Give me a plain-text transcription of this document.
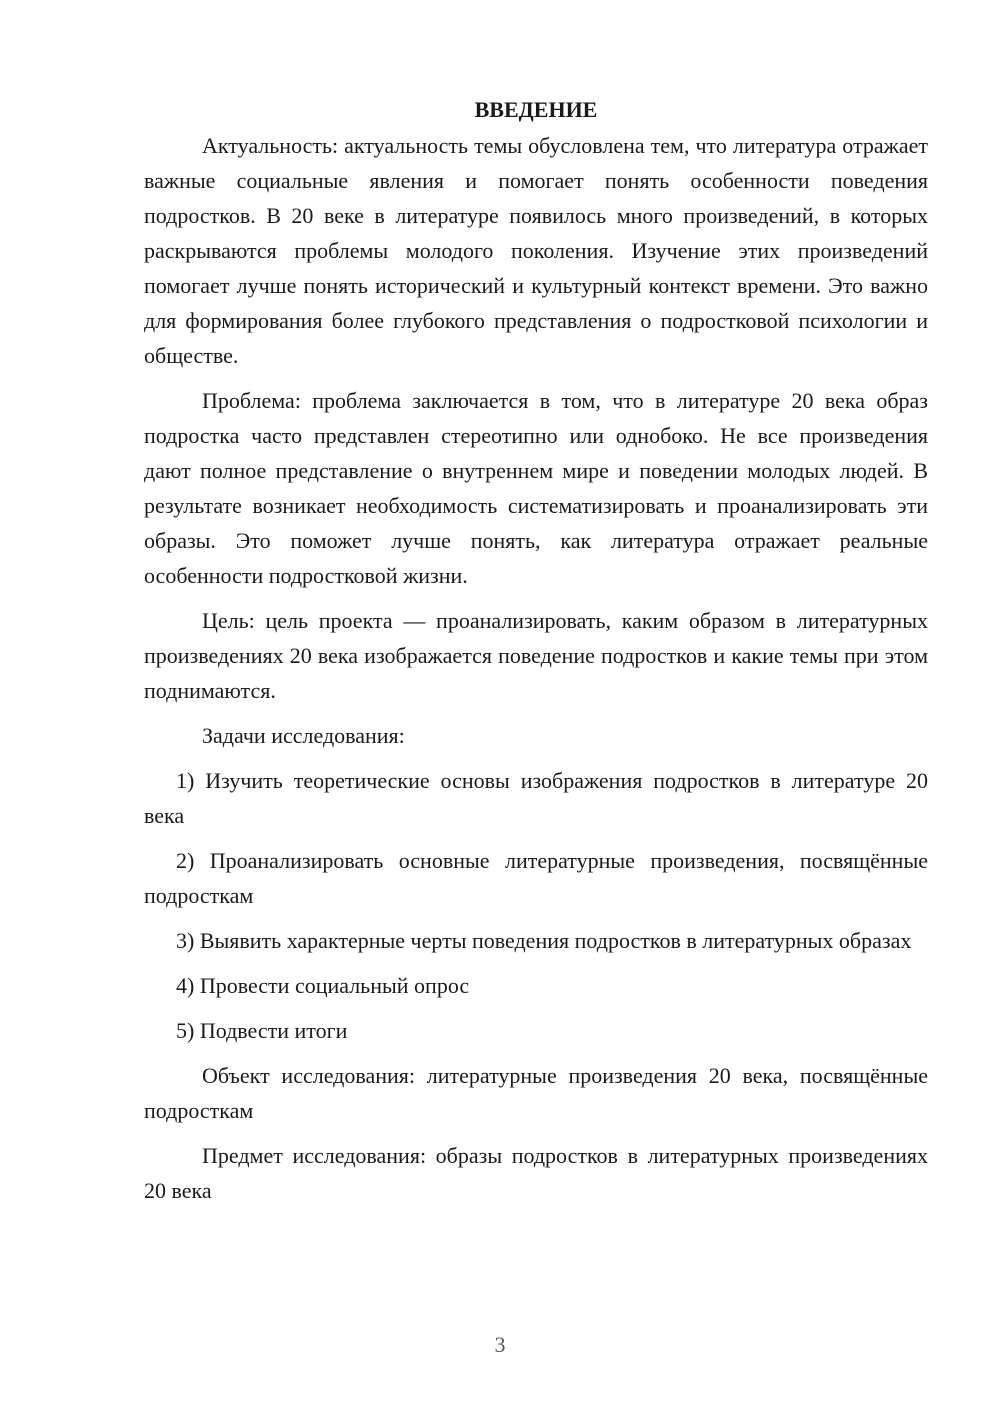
ВВЕДЕНИЕ

Актуальность: актуальность темы обусловлена тем, что литература отражает важные социальные явления и помогает понять особенности поведения подростков. В 20 веке в литературе появилось много произведений, в которых раскрываются проблемы молодого поколения. Изучение этих произведений помогает лучше понять исторический и культурный контекст времени. Это важно для формирования более глубокого представления о подростковой психологии и обществе.

Проблема: проблема заключается в том, что в литературе 20 века образ подростка часто представлен стереотипно или однобоко. Не все произведения дают полное представление о внутреннем мире и поведении молодых людей. В результате возникает необходимость систематизировать и проанализировать эти образы. Это поможет лучше понять, как литература отражает реальные особенности подростковой жизни.

Цель: цель проекта — проанализировать, каким образом в литературных произведениях 20 века изображается поведение подростков и какие темы при этом поднимаются.

Задачи исследования:

1) Изучить теоретические основы изображения подростков в литературе 20 века

2) Проанализировать основные литературные произведения, посвящённые подросткам

3) Выявить характерные черты поведения подростков в литературных образах

4) Провести социальный опрос

5) Подвести итоги

Объект исследования: литературные произведения 20 века, посвящённые подросткам

Предмет исследования: образы подростков в литературных произведениях 20 века

3
